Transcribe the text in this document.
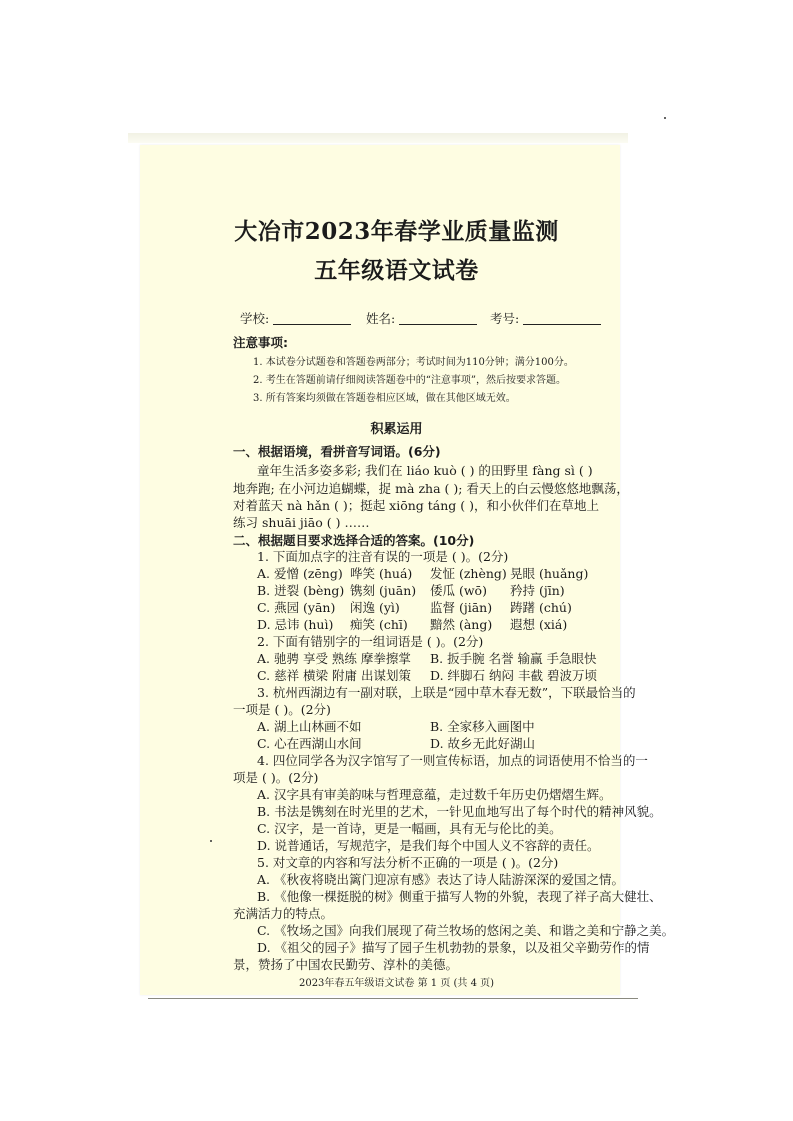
大冶市2023年春学业质量监测
五年级语文试卷
学校:	姓名:	考号:
注意事项:
1. 本试卷分试题卷和答题卷两部分；考试时间为110分钟；满分100分。
2. 考生在答题前请仔细阅读答题卷中的“注意事项”，然后按要求答题。
3. 所有答案均须做在答题卷相应区域，做在其他区域无效。
积累运用
一、根据语境，看拼音写词语。(6分)
童年生活多姿多彩; 我们在 liáo kuò ( ) 的田野里 fàng sì ( )
地奔跑; 在小河边追蝴蝶，捉 mà zha ( ); 看天上的白云慢悠悠地飘荡，
对着蓝天 nà hǎn ( )；挺起 xiōng táng ( )，和小伙伴们在草地上
练习 shuāi jiāo ( ) ……
二、根据题目要求选择合适的答案。(10分)
1. 下面加点字的注音有误的一项是 ( )。(2分)
A. 爱憎 (zēng) 哗笑 (huá) 发怔 (zhèng) 晃眼 (huǎng)
B. 迸裂 (bèng) 镌刻 (juān) 倭瓜 (wō) 矜持 (jīn)
C. 燕园 (yān) 闲逸 (yì) 监督 (jiān) 踌躇 (chú)
D. 忌讳 (huì) 痴笑 (chī) 黯然 (àng) 遐想 (xiá)
2. 下面有错别字的一组词语是 ( )。(2分)
A. 驰骋 享受 熟练 摩拳擦掌 B. 扳手腕 名誉 输赢 手急眼快
C. 慈祥 横梁 附庸 出谋划策 D. 绊脚石 纳闷 丰截 碧波万顷
3. 杭州西湖边有一副对联，上联是“园中草木春无数”，下联最恰当的
一项是 ( )。(2分)
A. 湖上山林画不如	B. 全家移入画图中
C. 心在西湖山水间	D. 故乡无此好湖山
4. 四位同学各为汉字馆写了一则宣传标语，加点的词语使用不恰当的一
项是 ( )。(2分)
A. 汉字具有审美韵味与哲理意蕴，走过数千年历史仍熠熠生辉。
B. 书法是镌刻在时光里的艺术，一针见血地写出了每个时代的精神风貌。
C. 汉字，是一首诗，更是一幅画，具有无与伦比的美。
D. 说普通话，写规范字，是我们每个中国人义不容辞的责任。
5. 对文章的内容和写法分析不正确的一项是 ( )。(2分)
A. 《秋夜将晓出篱门迎凉有感》表达了诗人陆游深深的爱国之情。
B. 《他像一棵挺脱的树》侧重于描写人物的外貌，表现了祥子高大健壮、
充满活力的特点。
C. 《牧场之国》向我们展现了荷兰牧场的悠闲之美、和谐之美和宁静之美。
D. 《祖父的园子》描写了园子生机勃勃的景象，以及祖父辛勤劳作的情
景，赞扬了中国农民勤劳、淳朴的美德。
2023年春五年级语文试卷 第 1 页 (共 4 页)
